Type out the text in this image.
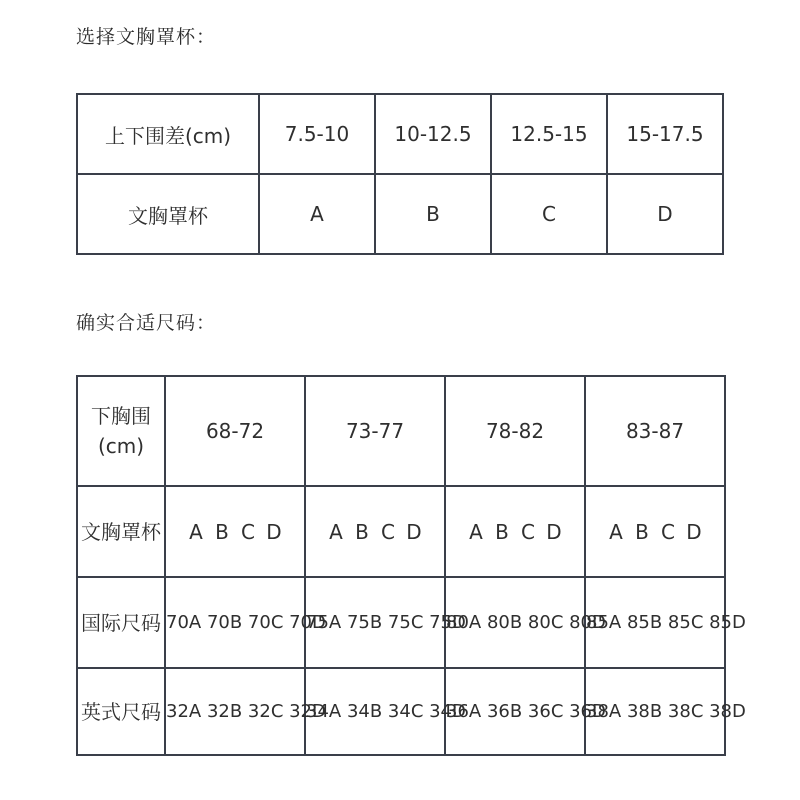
选择文胸罩杯：
上下围差(cm)	7.5-10	10-12.5	12.5-15	15-17.5
文胸罩杯	A	B	C	D
确实合适尺码：
下胸围
(cm)	68-72	73-77	78-82	83-87
文胸罩杯	A B C D	A B C D	A B C D	A B C D
国际尺码	70A 70B 70C 70D	75A 75B 75C 75D	80A 80B 80C 80D	85A 85B 85C 85D
英式尺码	32A 32B 32C 32D	34A 34B 34C 34D	36A 36B 36C 36D	38A 38B 38C 38D
